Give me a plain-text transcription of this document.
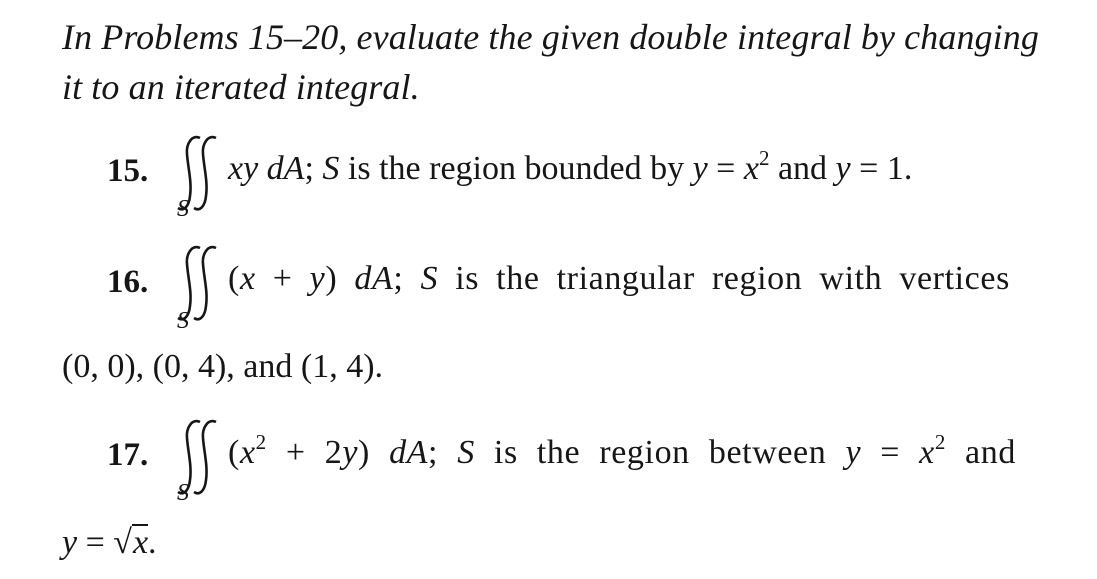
In Problems 15–20, evaluate the given double integral by changing
it to an iterated integral.
15.
S
xy dA; S is the region bounded by $y = x^2$ and y = 1.
16.
S
(x + y) dA; S is the triangular region with vertices
(0, 0), (0, 4), and (1, 4).
17.
S
$(x^2 + 2y)$ dA; S is the region between $y = x^2$ and
y = √x.
